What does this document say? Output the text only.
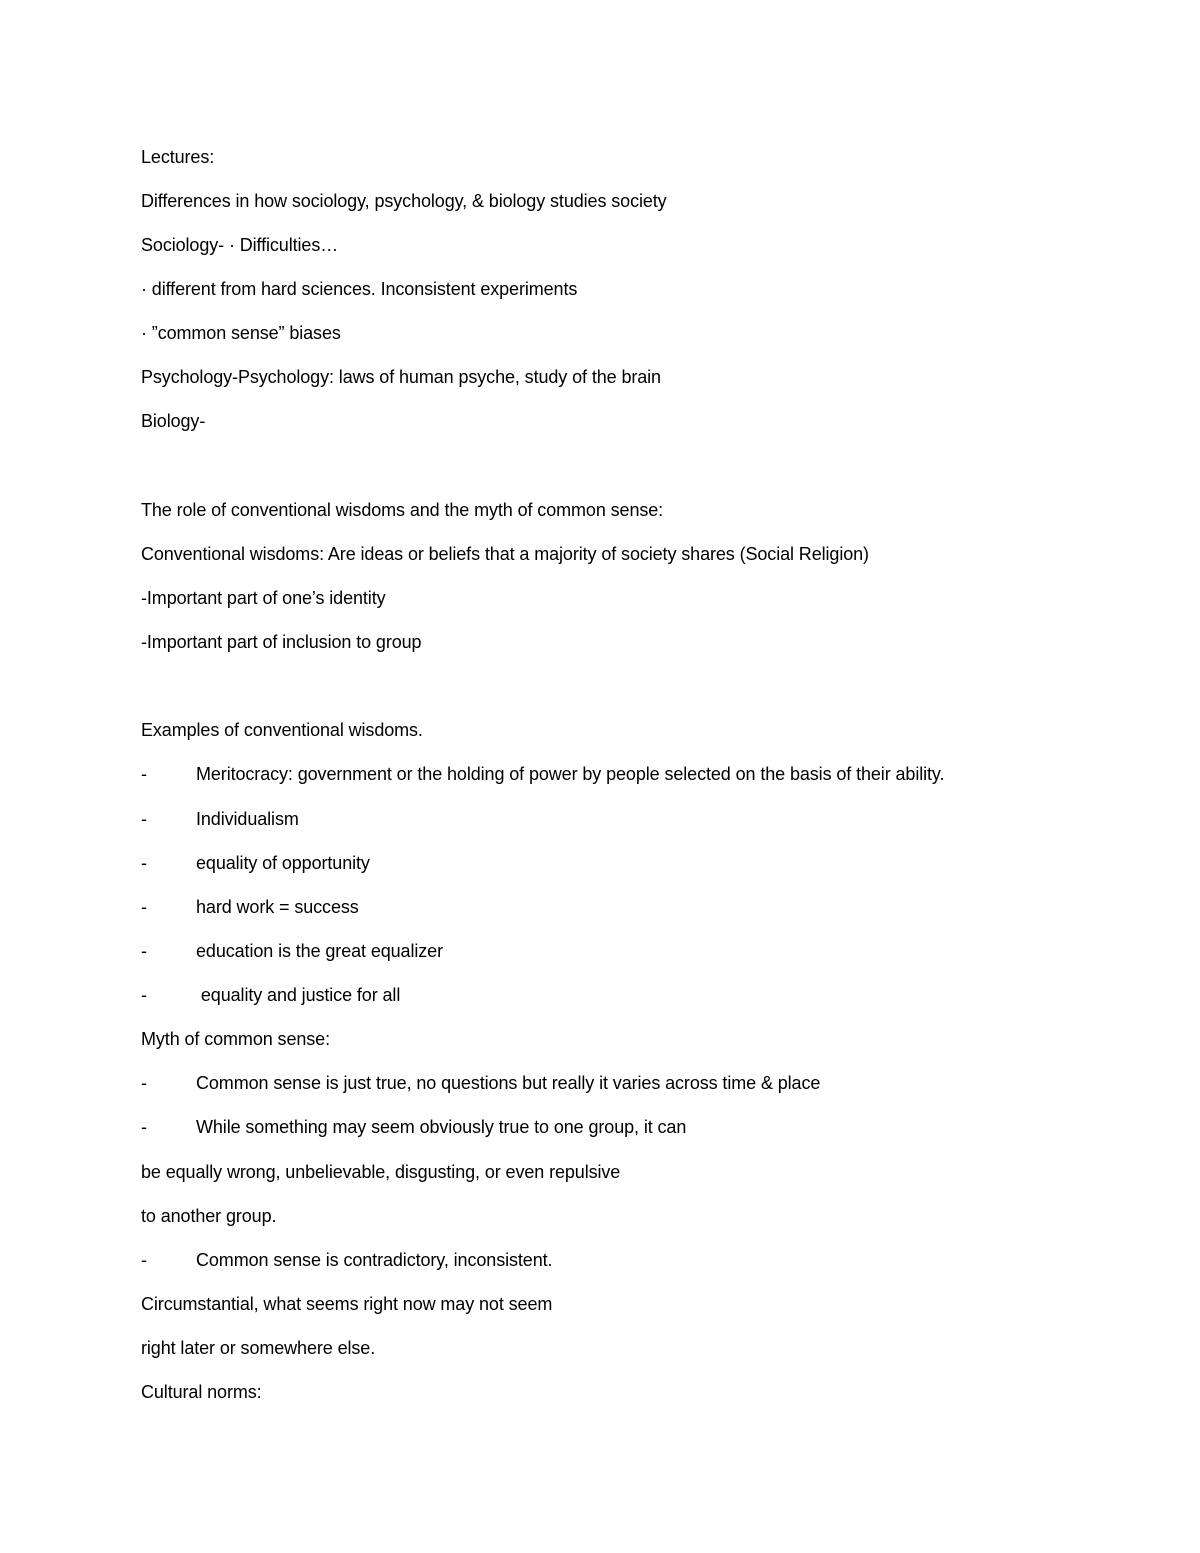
Lectures:
Differences in how sociology, psychology, & biology studies society
Sociology- · Difficulties…
· different from hard sciences. Inconsistent experiments
· ”common sense” biases
Psychology-Psychology: laws of human psyche, study of the brain
Biology-
The role of conventional wisdoms and the myth of common sense:
Conventional wisdoms: Are ideas or beliefs that a majority of society shares (Social Religion)
-Important part of one’s identity
-Important part of inclusion to group
Examples of conventional wisdoms.
-	Meritocracy: government or the holding of power by people selected on the basis of their ability.
-	Individualism
-	equality of opportunity
-	hard work = success
-	education is the great equalizer
-	equality and justice for all
Myth of common sense:
-	Common sense is just true, no questions but really it varies across time & place
-	While something may seem obviously true to one group, it can
be equally wrong, unbelievable, disgusting, or even repulsive
to another group.
-	Common sense is contradictory, inconsistent.
Circumstantial, what seems right now may not seem
right later or somewhere else.
Cultural norms:
